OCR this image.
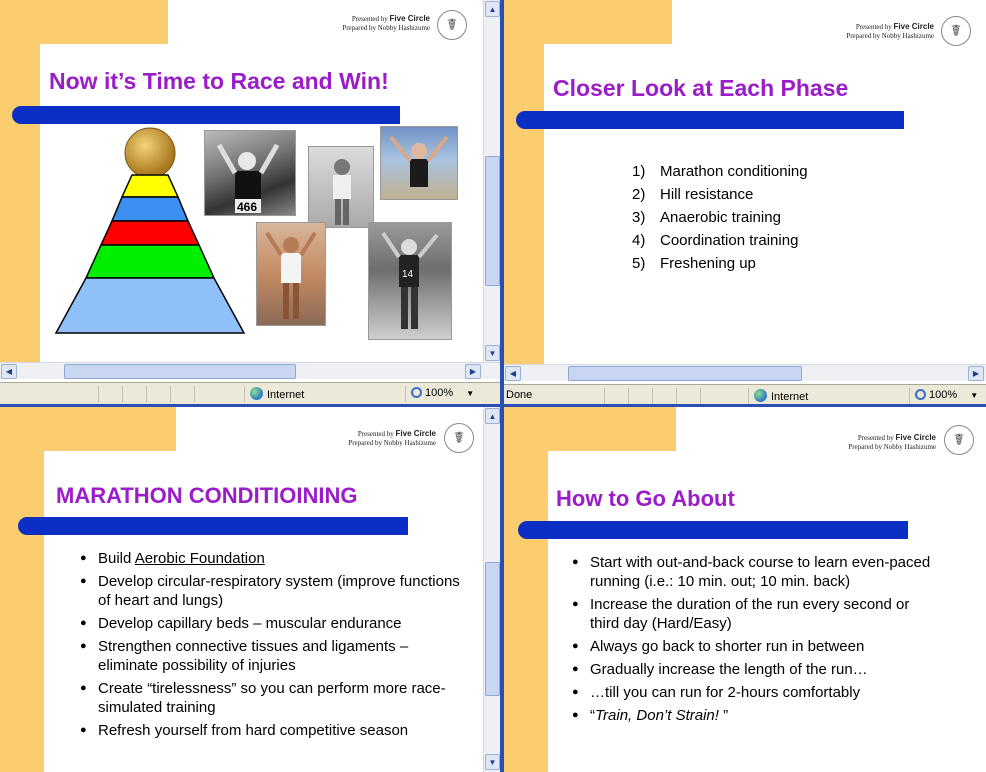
Presented by Five Circle
Prepared by Nobby Hashizume	☤
Now it’s Time to Race and Win!
466
14
▲
▼
◀	▶
Internet	100% ▼
Presented by Five Circle
Prepared by Nobby Hashizume	☤
Closer Look at Each Phase
1) Marathon conditioning
2) Hill resistance
3) Anaerobic training
4) Coordination training
5) Freshening up
◀	▶
Done	Internet	100% ▼
Presented by Five Circle
Prepared by Nobby Hashizume	☤
MARATHON CONDITIOINING
● Build Aerobic Foundation
● Develop circular-respiratory system (improve functions of heart and lungs)
● Develop capillary beds – muscular endurance
● Strengthen connective tissues and ligaments – eliminate possibility of injuries
● Create “tirelessness” so you can perform more race-simulated training
● Refresh yourself from hard competitive season
▲
▼
Presented by Five Circle
Prepared by Nobby Hashizume	☤
How to Go About
● Start with out-and-back course to learn even-paced running (i.e.: 10 min. out; 10 min. back)
● Increase the duration of the run every second or third day (Hard/Easy)
● Always go back to shorter run in between
● Gradually increase the length of the run…
● …till you can run for 2-hours comfortably
● “Train, Don’t Strain! ”
